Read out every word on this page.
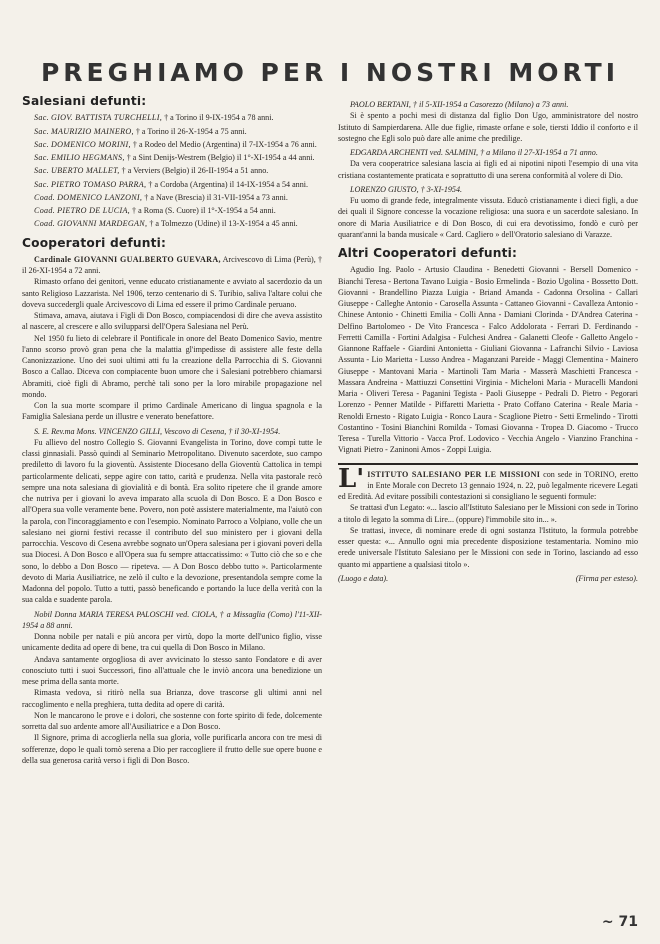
PREGHIAMO PER I NOSTRI MORTI
Salesiani defunti:

Sac. GIOV. BATTISTA TURCHELLI, † a Torino il 9-IX-1954 a 78 anni.

Sac. MAURIZIO MAINERO, † a Torino il 26-X-1954 a 75 anni.

Sac. DOMENICO MORINI, † a Rodeo del Medio (Argentina) il 7-IX-1954 a 76 anni.

Sac. EMILIO HEGMANS, † a Sint Denijs-Westrem (Belgio) il 1°-XI-1954 a 44 anni.

Sac. UBERTO MALLET, † a Verviers (Belgio) il 26-II-1954 a 51 anno.

Sac. PIETRO TOMASO PARRA, † a Cordoba (Argentina) il 14-IX-1954 a 54 anni.

Coad. DOMENICO LANZONI, † a Nave (Brescia) il 31-VII-1954 a 73 anni.

Coad. PIETRO DE LUCIA, † a Roma (S. Cuore) il 1°-X-1954 a 54 anni.

Coad. GIOVANNI MARDEGAN, † a Tolmezzo (Udine) il 13-X-1954 a 45 anni.

Cooperatori defunti:

Cardinale GIOVANNI GUALBERTO GUEVARA, Arcivescovo di Lima (Perù), † il 26-XI-1954 a 72 anni.

Rimasto orfano dei genitori, venne educato cristianamente e avviato al sacerdozio da un santo Religioso Lazzarista. Nel 1906, terzo centenario di S. Turibio, saliva l'altare colui che doveva succedergli quale Arcivescovo di Lima ed essere il primo Cardinale peruano.

Stimava, amava, aiutava i Figli di Don Bosco, compiacendosi di dire che aveva assistito al nascere, al crescere e allo svilupparsi dell'Opera Salesiana nel Perù.

Nel 1950 fu lieto di celebrare il Pontificale in onore del Beato Domenico Savio, mentre l'anno scorso provò gran pena che la malattia gl'impedisse di assistere alle feste della Canonizzazione. Uno dei suoi ultimi atti fu la creazione della Parrocchia di S. Giovanni Bosco a Callao. Diceva con compiacente buon umore che i Salesiani potrebbero chiamarsi Abramiti, cioè figli di Abramo, perchè tali sono per la loro mirabile propagazione nel mondo.

Con la sua morte scompare il primo Cardinale Americano di lingua spagnola e la Famiglia Salesiana perde un illustre e venerato benefattore.

S. E. Rev.ma Mons. VINCENZO GILLI, Vescovo di Cesena, † il 30-XI-1954.

Fu allievo del nostro Collegio S. Giovanni Evangelista in Torino, dove compì tutte le classi ginnasiali. Passò quindi al Seminario Metropolitano. Divenuto sacerdote, suo campo prediletto di lavoro fu la gioventù. Assistente Diocesano della Gioventù Cattolica in tempi particolarmente delicati, seppe agire con tatto, carità e prudenza. Nella vita pastorale recò sempre una nota salesiana di giovialità e di bontà. Era solito ripetere che il grande amore che nutriva per i giovani lo aveva imparato alla scuola di Don Bosco. E a Don Bosco e all'Opera sua volle veramente bene. Povero, non potè assistere materialmente, ma l'aiutò con la parola, con l'incoraggiamento e con l'esempio. Nominato Parroco a Volpiano, volle che un salesiano nei giorni festivi recasse il contributo del suo ministero per i giovani della parrocchia. Vescovo di Cesena avrebbe sognato un'Opera salesiana per i giovani poveri della sua Diocesi. A Don Bosco e all'Opera sua fu sempre attaccatissimo: « Tutto ciò che so e che sono, lo debbo a Don Bosco — ripeteva. — A Don Bosco debbo tutto ». Particolarmente devoto di Maria Ausiliatrice, ne zelò il culto e la devozione, presentandola sempre come la Madonna del popolo. Tutto a tutti, passò beneficando e portando la luce della verità con la sua calda e suadente parola.

Nobil Donna MARIA TERESA PALOSCHI ved. CIOLA, † a Missaglia (Como) l'11-XII-1954 a 88 anni.

Donna nobile per natali e più ancora per virtù, dopo la morte dell'unico figlio, visse unicamente dedita ad opere di bene, tra cui quella di Don Bosco in Milano.

Andava santamente orgogliosa di aver avvicinato lo stesso santo Fondatore e di aver conosciuto tutti i suoi Successori, fino all'attuale che le inviò ancora una benedizione un mese prima della santa morte.

Rimasta vedova, si ritirò nella sua Brianza, dove trascorse gli ultimi anni nel raccoglimento e nella preghiera, tutta dedita ad opere di carità.

Non le mancarono le prove e i dolori, che sostenne con forte spirito di fede, dolcemente sorretta dal suo ardente amore all'Ausiliatrice e a Don Bosco.

Il Signore, prima di accoglierla nella sua gloria, volle purificarla ancora con tre mesi di sofferenze, dopo le quali tornò serena a Dio per raccogliere il frutto delle sue opere buone e della sua generosa carità verso i figli di Don Bosco.

PAOLO BERTANI, † il 5-XII-1954 a Casorezzo (Milano) a 73 anni.

Si è spento a pochi mesi di distanza dal figlio Don Ugo, amministratore del nostro Istituto di Sampierdarena. Alle due figlie, rimaste orfane e sole, tiersti Iddio il conforto e il sostegno che Egli solo può dare alle anime che predilige.

EDGARDA ARCHENTI ved. SALMINI, † a Milano il 27-XI-1954 a 71 anno.

Da vera cooperatrice salesiana lascia ai figli ed ai nipotini nipoti l'esempio di una vita cristiana costantemente praticata e soprattutto di una serena conformità al volere di Dio.

LORENZO GIUSTO, † 3-XI-1954.

Fu uomo di grande fede, integralmente vissuta. Educò cristianamente i dieci figli, a due dei quali il Signore concesse la vocazione religiosa: una suora e un sacerdote salesiano. In onore di Maria Ausiliatrice e di Don Bosco, di cui era devotissimo, fondò e curò per quarant'anni la banda musicale « Card. Cagliero » dell'Oratorio salesiano di Varazze.

Altri Cooperatori defunti:

Agudio Ing. Paolo - Artusio Claudina - Benedetti Giovanni - Bersell Domenico - Bianchi Teresa - Bertona Tavano Luigia - Bosio Ermelinda - Bozio Ugolina - Bossetto Dott. Giovanni - Brandellino Piazza Luigia - Briand Amanda - Cadonna Orsolina - Callari Giuseppe - Calleghe Antonio - Carosella Assunta - Cattaneo Giovanni - Cavalleza Antonio - Chinese Antonio - Chinetti Emilia - Colli Anna - Damiani Clorinda - D'Andrea Caterina - Delfino Bartolomeo - De Vito Francesca - Falco Addolorata - Ferrari D. Ferdinando - Ferretti Camilla - Fortini Adalgisa - Fulchesi Andrea - Galanetti Cleofe - Galletto Angelo - Giannone Raffaele - Giardini Antonietta - Giuliani Giovanna - Lafranchi Silvio - Laviosa Assunta - Lio Marietta - Lusso Andrea - Maganzani Pareide - Maggi Clementina - Mainero Giuseppe - Mantovani Maria - Martinoli Tam Maria - Masserà Maschietti Francesca - Massara Andreina - Mattiuzzi Consettini Virginia - Micheloni Maria - Muracelli Mandoni Maria - Oliveri Teresa - Paganini Tegista - Paoli Giuseppe - Pedrali D. Pietro - Pegorari Lorenzo - Penner Matilde - Piffaretti Marietta - Prato Coffano Caterina - Reale Maria - Renoldi Ernesto - Rigato Luigia - Ronco Laura - Scaglione Pietro - Setti Ermelindo - Tirotti Costantino - Tosini Bianchini Romilda - Tomasi Giovanna - Tropea D. Giacomo - Trucco Teresa - Turella Vittorio - Vacca Prof. Lodovico - Vecchia Angelo - Vianzino Franchina - Vignati Pietro - Zaninoni Amos - Zoppi Luigia.

L' ISTITUTO SALESIANO PER LE MISSIONI con sede in TORINO, eretto in Ente Morale con Decreto 13 gennaio 1924, n. 22, può legalmente ricevere Legati ed Eredità. Ad evitare possibili contestazioni si consigliano le seguenti formule:

Se trattasi d'un Legato: «... lascio all'Istituto Salesiano per le Missioni con sede in Torino a titolo di legato la somma di Lire... (oppure) l'immobile sito in... ».

Se trattasi, invece, di nominare erede di ogni sostanza l'Istituto, la formula potrebbe esser questa: «... Annullo ogni mia precedente disposizione testamentaria. Nomino mio erede universale l'Istituto Salesiano per le Missioni con sede in Torino, lasciando ad esso quanto mi appartiene a qualsiasi titolo ».

(Luogo e data).	(Firma per esteso).
~ 71
